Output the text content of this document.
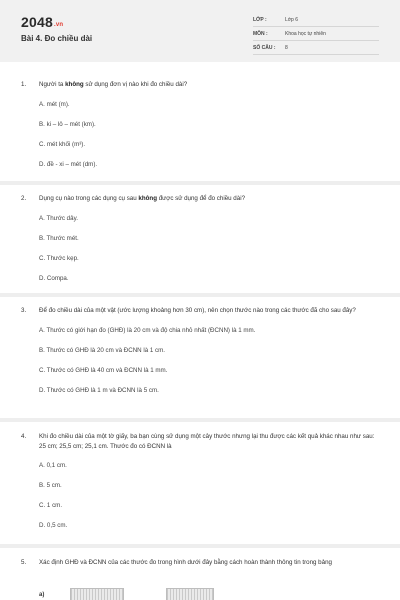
2048.vn
Bài 4. Đo chiều dài
LỚP :	Lớp 6
MÔN :	Khoa học tự nhiên
SỐ CÂU : 8
1. Người ta không sử dụng đơn vị nào khi đo chiều dài?
A. mét (m).
B. ki – lô – mét (km).
C. mét khối (m³).
D. đề - xi – mét (dm).
2. Dụng cụ nào trong các dụng cụ sau không được sử dụng để đo chiều dài?
A. Thước dây.
B. Thước mét.
C. Thước kẹp.
D. Compa.
3. Để đo chiều dài của một vật (ước lượng khoảng hơn 30 cm), nên chọn thước nào trong các thước đã cho sau đây?
A. Thước có giới hạn đo (GHĐ) là 20 cm và độ chia nhỏ nhất (ĐCNN) là 1 mm.
B. Thước có GHĐ là 20 cm và ĐCNN là 1 cm.
C. Thước có GHĐ là 40 cm và ĐCNN là 1 mm.
D. Thước có GHĐ là 1 m và ĐCNN là 5 cm.
4. Khi đo chiều dài của một tờ giấy, ba bạn cùng sử dụng một cây thước nhưng lại thu được các kết quả khác nhau như sau: 25 cm; 25,5 cm; 25,1 cm. Thước đo có ĐCNN là
A. 0,1 cm.
B. 5 cm.
C. 1 cm.
D. 0,5 cm.
5. Xác định GHĐ và ĐCNN của các thước đo trong hình dưới đây bằng cách hoàn thành thông tin trong bảng
a)
